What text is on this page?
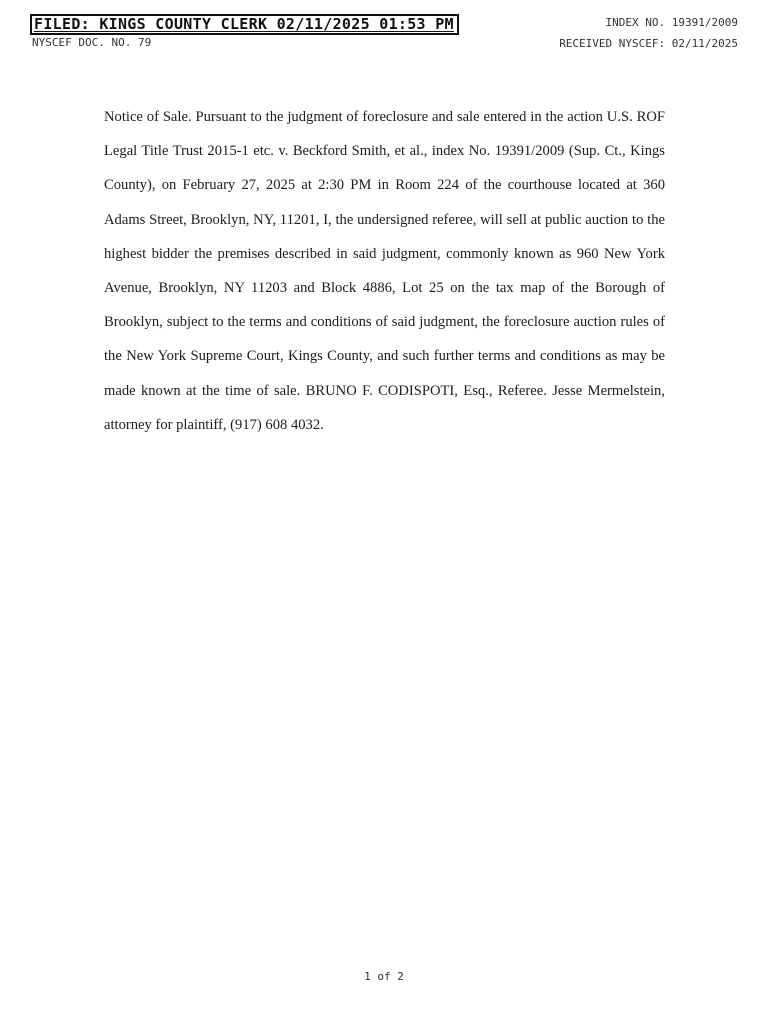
FILED: KINGS COUNTY CLERK 02/11/2025 01:53 PM
NYSCEF DOC. NO. 79
INDEX NO. 19391/2009
RECEIVED NYSCEF: 02/11/2025

Notice of Sale. Pursuant to the judgment of foreclosure and sale entered in the action U.S. ROF Legal Title Trust 2015-1 etc. v. Beckford Smith, et al., index No. 19391/2009 (Sup. Ct., Kings County), on February 27, 2025 at 2:30 PM in Room 224 of the courthouse located at 360 Adams Street, Brooklyn, NY, 11201, I, the undersigned referee, will sell at public auction to the highest bidder the premises described in said judgment, commonly known as 960 New York Avenue, Brooklyn, NY 11203 and Block 4886, Lot 25 on the tax map of the Borough of Brooklyn, subject to the terms and conditions of said judgment, the foreclosure auction rules of the New York Supreme Court, Kings County, and such further terms and conditions as may be made known at the time of sale. BRUNO F. CODISPOTI, Esq., Referee. Jesse Mermelstein, attorney for plaintiff, (917) 608 4032.

1 of 2
